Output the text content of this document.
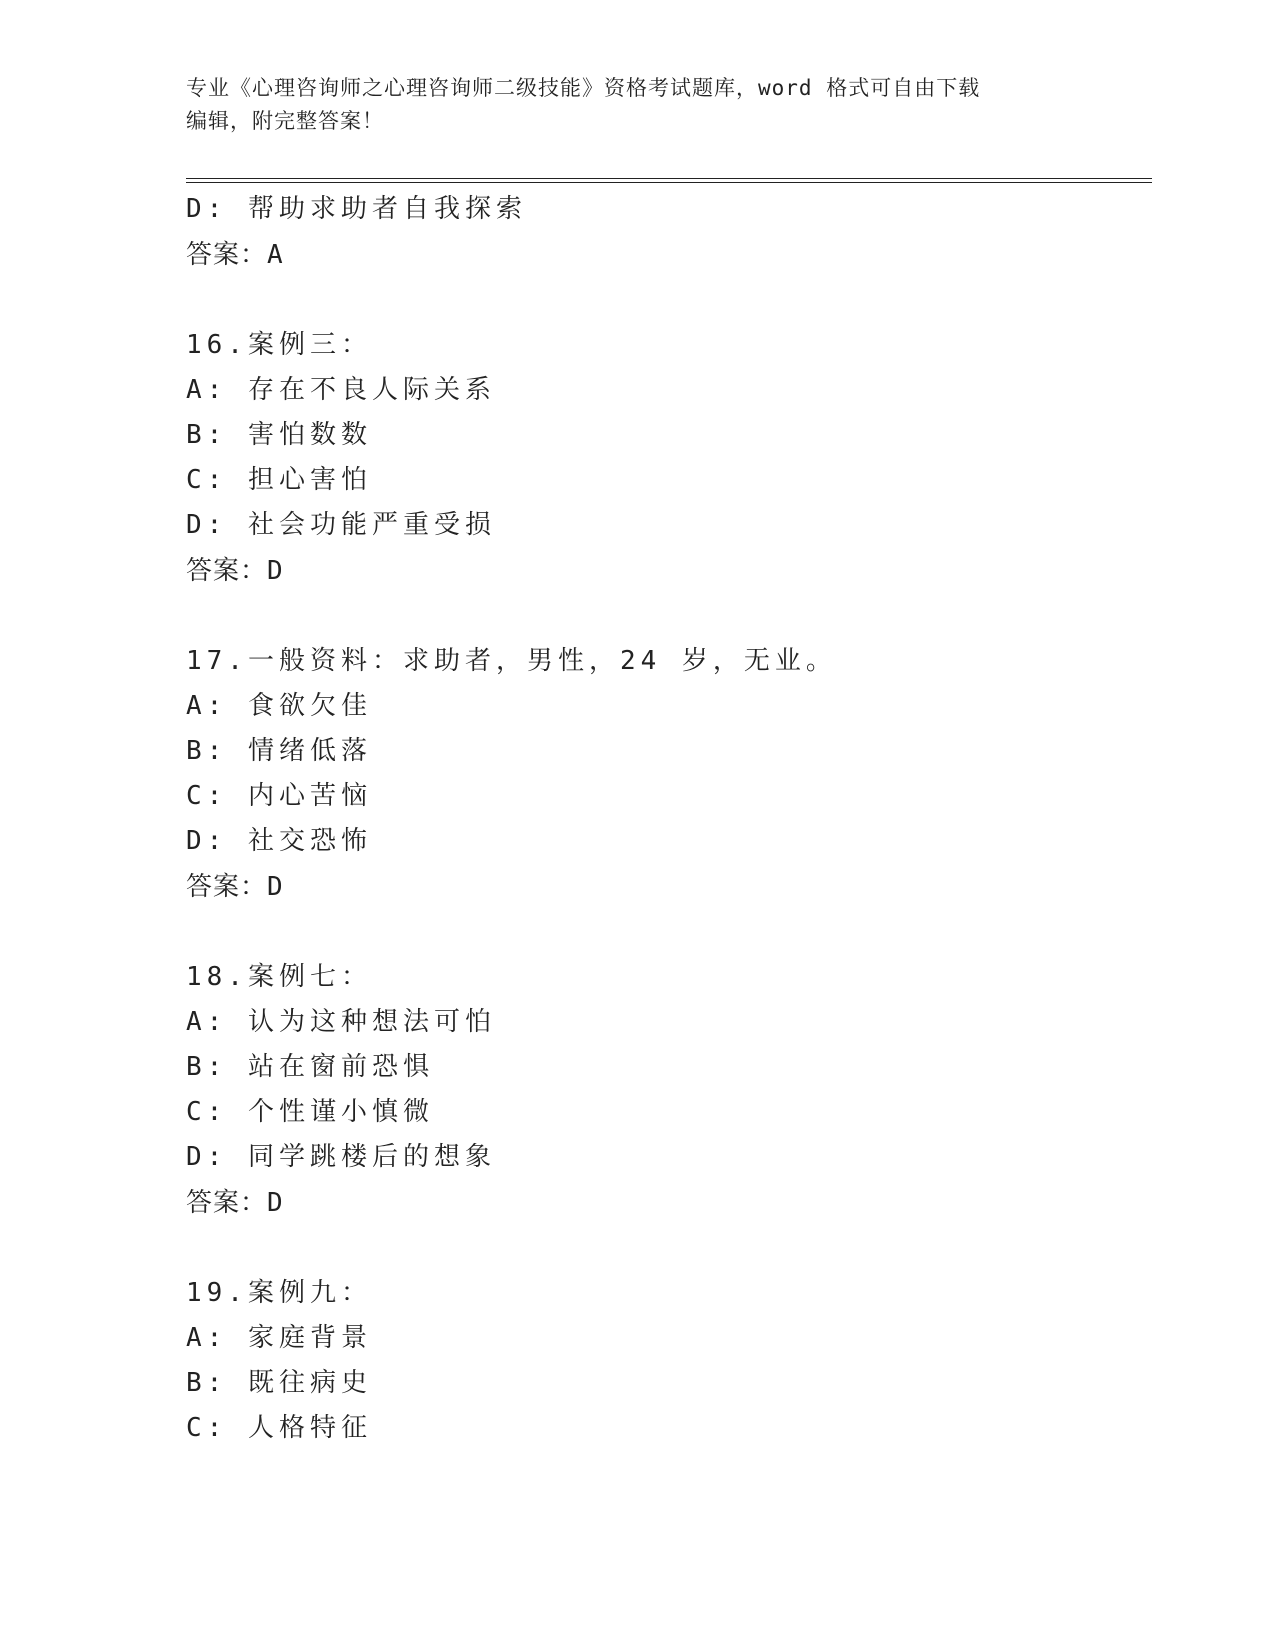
专业《心理咨询师之心理咨询师二级技能》资格考试题库，word 格式可自由下载
编辑，附完整答案！
D: 帮助求助者自我探索
答案：A
16.案例三：
A: 存在不良人际关系
B: 害怕数数
C: 担心害怕
D: 社会功能严重受损
答案：D
17.一般资料：求助者，男性，24 岁，无业。
A: 食欲欠佳
B: 情绪低落
C: 内心苦恼
D: 社交恐怖
答案：D
18.案例七：
A: 认为这种想法可怕
B: 站在窗前恐惧
C: 个性谨小慎微
D: 同学跳楼后的想象
答案：D
19.案例九：
A: 家庭背景
B: 既往病史
C: 人格特征
